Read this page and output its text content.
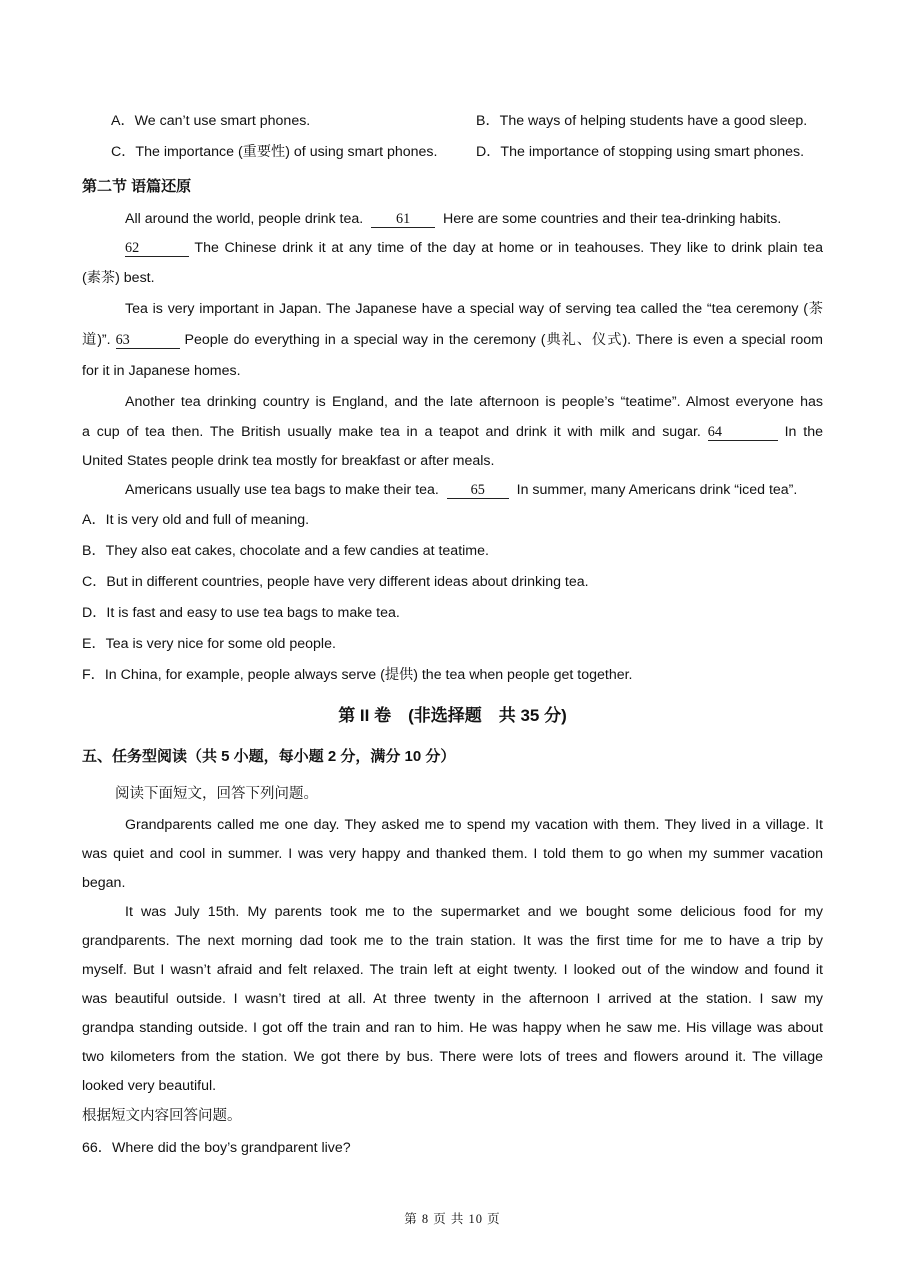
A．We can’t use smart phones.	B．The ways of helping students have a good sleep.
C．The importance (重要性) of using smart phones.	D．The importance of stopping using smart phones.
第二节 语篇还原
All around the world, people drink tea. 61 Here are some countries and their tea-drinking habits.
62	The Chinese drink it at any time of the day at home or in teahouses. They like to drink plain tea
(素茶) best.
Tea is very important in Japan. The Japanese have a special way of serving tea called the “tea ceremony (茶
道)”. 63	People do everything in a special way in the ceremony (典礼、仪式). There is even a special room
for it in Japanese homes.
Another tea drinking country is England, and the late afternoon is people’s “teatime”. Almost everyone has
a cup of tea then. The British usually make tea in a teapot and drink it with milk and sugar. 64	In the
United States people drink tea mostly for breakfast or after meals.
Americans usually use tea bags to make their tea. 65 In summer, many Americans drink “iced tea”.
A．It is very old and full of meaning.
B．They also eat cakes, chocolate and a few candies at teatime.
C．But in different countries, people have very different ideas about drinking tea.
D．It is fast and easy to use tea bags to make tea.
E．Tea is very nice for some old people.
F．In China, for example, people always serve (提供) the tea when people get together.
第 II 卷　(非选择题　共 35 分)
五、任务型阅读（共 5 小题，每小题 2 分，满分 10 分）
阅读下面短文，回答下列问题。
Grandparents called me one day. They asked me to spend my vacation with them. They lived in a village. It
was quiet and cool in summer. I was very happy and thanked them. I told them to go when my summer vacation
began.
It was July 15th. My parents took me to the supermarket and we bought some delicious food for my
grandparents. The next morning dad took me to the train station. It was the first time for me to have a trip by
myself. But I wasn’t afraid and felt relaxed. The train left at eight twenty. I looked out of the window and found it
was beautiful outside. I wasn’t tired at all. At three twenty in the afternoon I arrived at the station. I saw my
grandpa standing outside. I got off the train and ran to him. He was happy when he saw me. His village was about
two kilometers from the station. We got there by bus. There were lots of trees and flowers around it. The village
looked very beautiful.
根据短文内容回答问题。
66．Where did the boy’s grandparent live?
第 8 页 共 10 页
